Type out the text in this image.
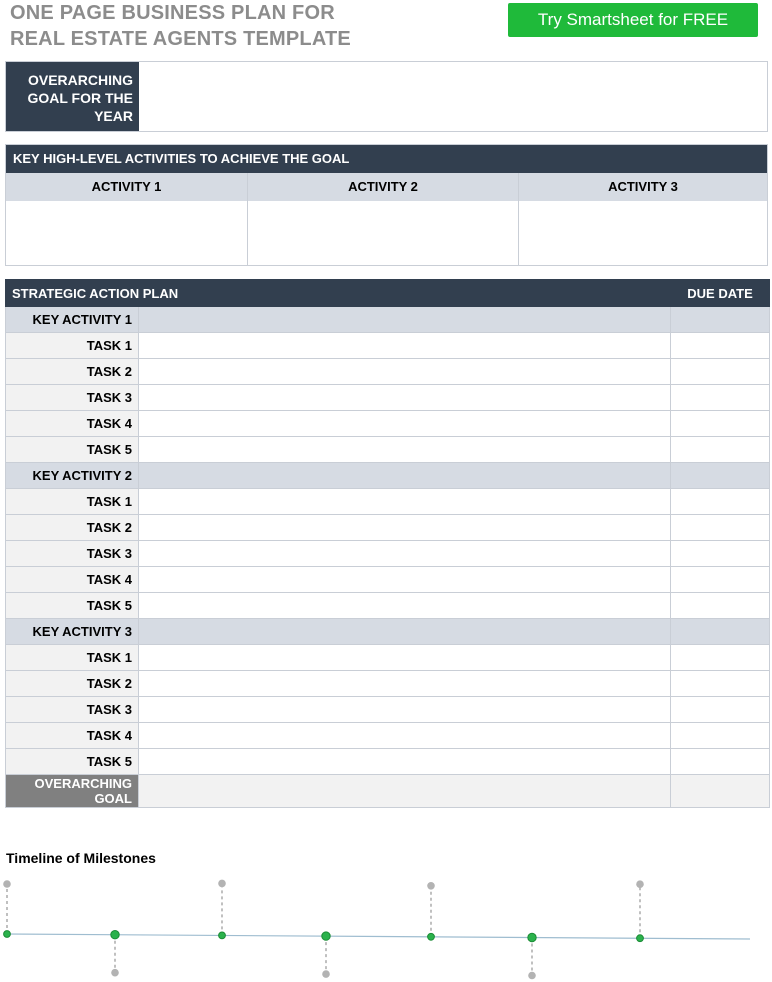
ONE PAGE BUSINESS PLAN FOR
REAL ESTATE AGENTS TEMPLATE
Try Smartsheet for FREE
OVERARCHING
GOAL FOR THE
YEAR
KEY HIGH-LEVEL ACTIVITIES TO ACHIEVE THE GOAL
ACTIVITY 1	ACTIVITY 2	ACTIVITY 3
STRATEGIC ACTION PLAN		DUE DATE
KEY ACTIVITY 1		
TASK 1		
TASK 2		
TASK 3		
TASK 4		
TASK 5		
KEY ACTIVITY 2		
TASK 1		
TASK 2		
TASK 3		
TASK 4		
TASK 5		
KEY ACTIVITY 3		
TASK 1		
TASK 2		
TASK 3		
TASK 4		
TASK 5		

OVERARCHING
GOAL		

Timeline of Milestones
